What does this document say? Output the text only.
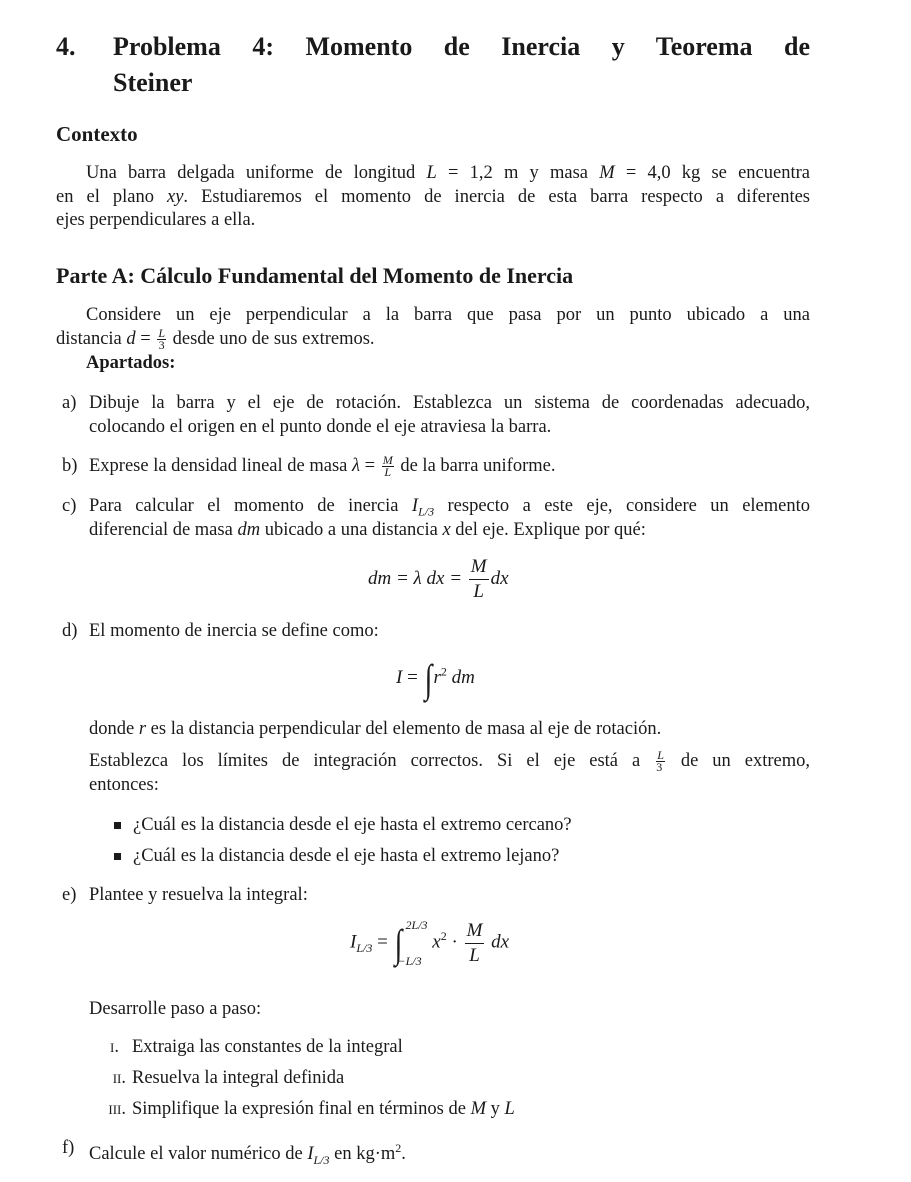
4. Problema 4: Momento de Inercia y Teorema de
Steiner
Contexto
Una barra delgada uniforme de longitud L = 1,2 m y masa M = 4,0 kg se encuentra
en el plano xy. Estudiaremos el momento de inercia de esta barra respecto a diferentes
ejes perpendiculares a ella.
Parte A: Cálculo Fundamental del Momento de Inercia
Considere un eje perpendicular a la barra que pasa por un punto ubicado a una
distancia $d = \frac{L}{3}$ desde uno de sus extremos.
Apartados:
a) Dibuje la barra y el eje de rotación. Establezca un sistema de coordenadas adecuado,
colocando el origen en el punto donde el eje atraviesa la barra.
b) Exprese la densidad lineal de masa $\lambda = \frac{M}{L}$ de la barra uniforme.
c) Para calcular el momento de inercia $I_{L/3}$ respecto a este eje, considere un elemento
diferencial de masa dm ubicado a una distancia x del eje. Explique por qué:
dm = λ dx = $\frac{M}{L}$ dx
d) El momento de inercia se define como:
$I = \int r^2$ dm
donde r es la distancia perpendicular del elemento de masa al eje de rotación.
Establezca los límites de integración correctos. Si el eje está a $\frac{L}{3}$ de un extremo,
entonces:
¿Cuál es la distancia desde el eje hasta el extremo cercano?
¿Cuál es la distancia desde el eje hasta el extremo lejano?
e) Plantee y resuelva la integral:
$I_{L/3}$ = ∫ 2L/3
−L/3
$x^2 \cdot \frac{M}{L}$ dx
Desarrolle paso a paso:
i. Extraiga las constantes de la integral
ii. Resuelva la integral definida
iii. Simplifique la expresión final en términos de M y L
f) Calcule el valor numérico de $I_{L/3}$ en $kg\cdot m^2$.
